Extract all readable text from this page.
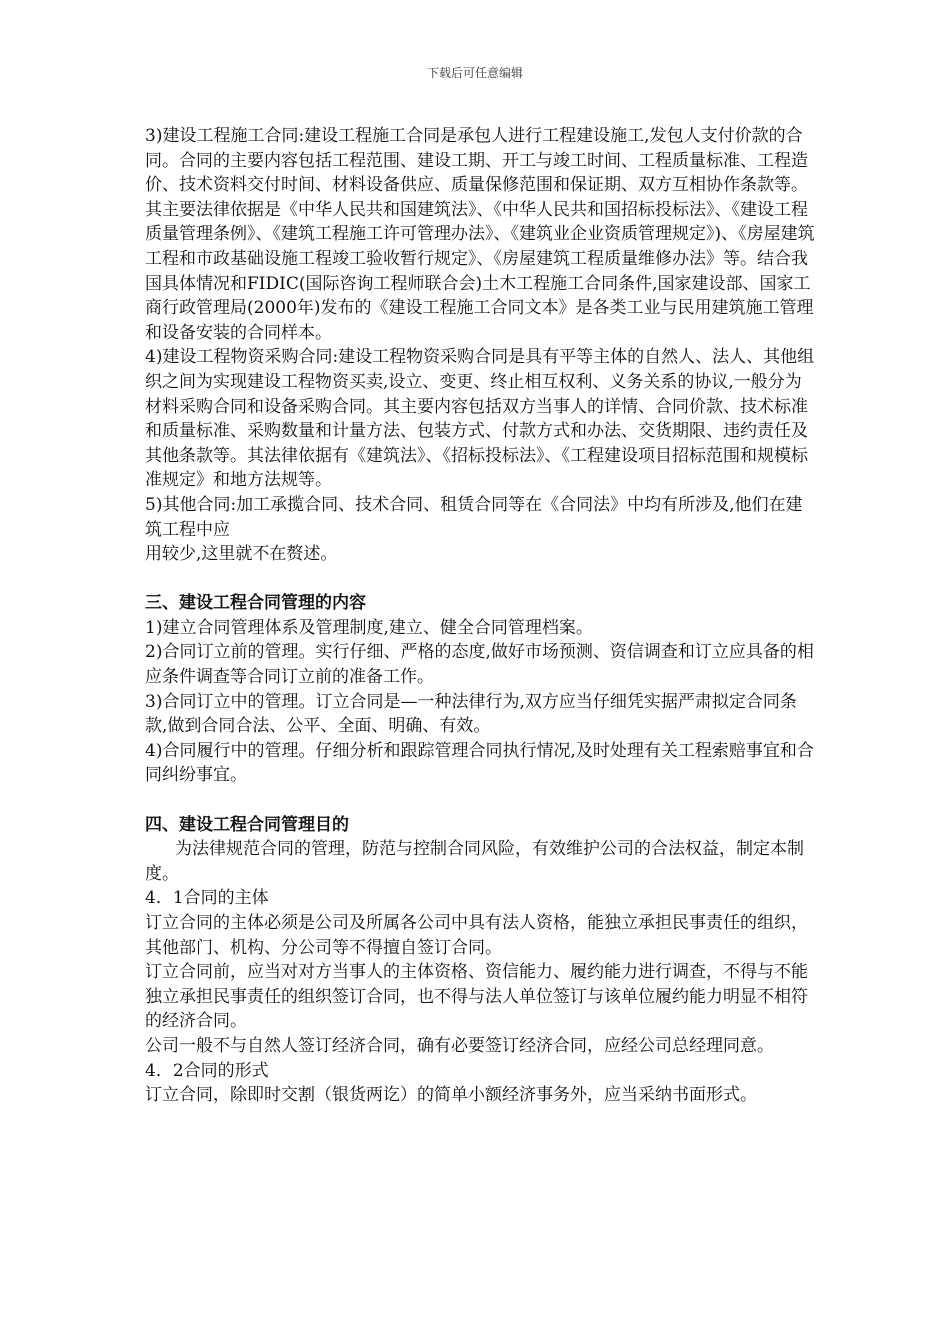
下载后可任意编辑

3)建设工程施工合同:建设工程施工合同是承包人进行工程建设施工,发包人支付价款的合同。合同的主要内容包括工程范围、建设工期、开工与竣工时间、工程质量标准、工程造价、技术资料交付时间、材料设备供应、质量保修范围和保证期、双方互相协作条款等。其主要法律依据是《中华人民共和国建筑法》、《中华人民共和国招标投标法》、《建设工程质量管理条例》、《建筑工程施工许可管理办法》、《建筑业企业资质管理规定》)、《房屋建筑工程和市政基础设施工程竣工验收暂行规定》、《房屋建筑工程质量维修办法》等。结合我国具体情况和FIDIC(国际咨询工程师联合会)土木工程施工合同条件,国家建设部、国家工商行政管理局(2000年)发布的《建设工程施工合同文本》是各类工业与民用建筑施工管理和设备安装的合同样本。

4)建设工程物资采购合同:建设工程物资采购合同是具有平等主体的自然人、法人、其他组织之间为实现建设工程物资买卖,设立、变更、终止相互权利、义务关系的协议,一般分为材料采购合同和设备采购合同。其主要内容包括双方当事人的详情、合同价款、技术标准和质量标准、采购数量和计量方法、包装方式、付款方式和办法、交货期限、违约责任及其他条款等。其法律依据有《建筑法》、《招标投标法》、《工程建设项目招标范围和规模标准规定》和地方法规等。

5)其他合同:加工承揽合同、技术合同、租赁合同等在《合同法》中均有所涉及,他们在建筑工程中应

用较少,这里就不在赘述。

三、建设工程合同管理的内容

1)建立合同管理体系及管理制度,建立、健全合同管理档案。

2)合同订立前的管理。实行仔细、严格的态度,做好市场预测、资信调查和订立应具备的相应条件调查等合同订立前的准备工作。

3)合同订立中的管理。订立合同是—一种法律行为,双方应当仔细凭实据严肃拟定合同条款,做到合同合法、公平、全面、明确、有效。

4)合同履行中的管理。仔细分析和跟踪管理合同执行情况,及时处理有关工程索赔事宜和合同纠纷事宜。

四、建设工程合同管理目的

为法律规范合同的管理，防范与控制合同风险，有效维护公司的合法权益，制定本制度。

4．1合同的主体

订立合同的主体必须是公司及所属各公司中具有法人资格，能独立承担民事责任的组织，其他部门、机构、分公司等不得擅自签订合同。

订立合同前，应当对对方当事人的主体资格、资信能力、履约能力进行调查，不得与不能独立承担民事责任的组织签订合同，也不得与法人单位签订与该单位履约能力明显不相符的经济合同。

公司一般不与自然人签订经济合同，确有必要签订经济合同，应经公司总经理同意。

4．2合同的形式

订立合同，除即时交割（银货两讫）的简单小额经济事务外，应当采纳书面形式。
